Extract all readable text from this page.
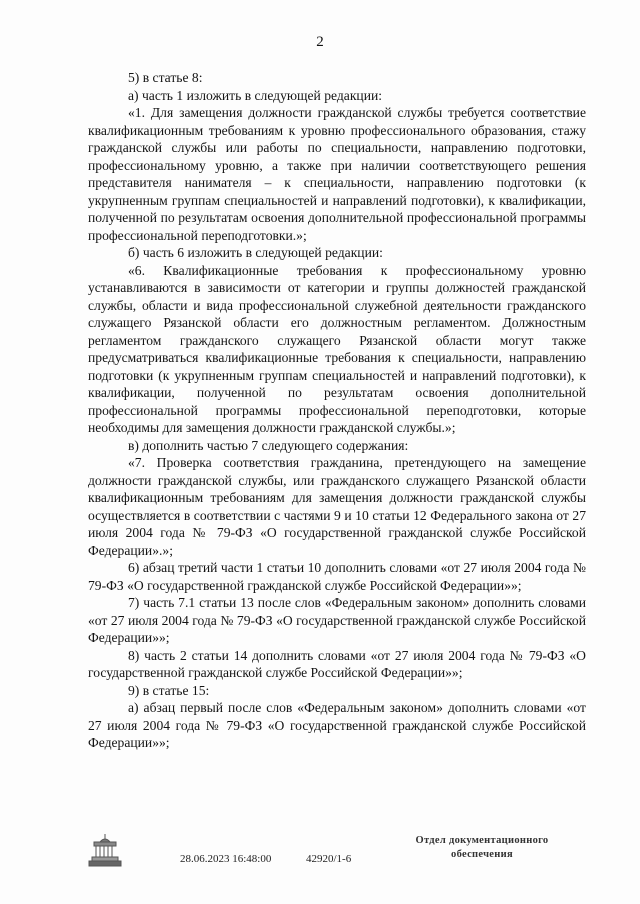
2

5) в статье 8:

а) часть 1 изложить в следующей редакции:

«1. Для замещения должности гражданской службы требуется соответствие квалификационным требованиям к уровню профессионального образования, стажу гражданской службы или работы по специальности, направлению подготовки, профессиональному уровню, а также при наличии соответствующего решения представителя нанимателя – к специальности, направлению подготовки (к укрупненным группам специальностей и направлений подготовки), к квалификации, полученной по результатам освоения дополнительной профессиональной программы профессиональной переподготовки.»;

б) часть 6 изложить в следующей редакции:

«6. Квалификационные требования к профессиональному уровню устанавливаются в зависимости от категории и группы должностей гражданской службы, области и вида профессиональной служебной деятельности гражданского служащего Рязанской области его должностным регламентом. Должностным регламентом гражданского служащего Рязанской области могут также предусматриваться квалификационные требования к специальности, направлению подготовки (к укрупненным группам специальностей и направлений подготовки), к квалификации, полученной по результатам освоения дополнительной профессиональной программы профессиональной переподготовки, которые необходимы для замещения должности гражданской службы.»;

в) дополнить частью 7 следующего содержания:

«7. Проверка соответствия гражданина, претендующего на замещение должности гражданской службы, или гражданского служащего Рязанской области квалификационным требованиям для замещения должности гражданской службы осуществляется в соответствии с частями 9 и 10 статьи 12 Федерального закона от 27 июля 2004 года № 79-ФЗ «О государственной гражданской службе Российской Федерации».»;

6) абзац третий части 1 статьи 10 дополнить словами «от 27 июля 2004 года № 79-ФЗ «О государственной гражданской службе Российской Федерации»»;

7) часть 7.1 статьи 13 после слов «Федеральным законом» дополнить словами «от 27 июля 2004 года № 79-ФЗ «О государственной гражданской службе Российской Федерации»»;

8) часть 2 статьи 14 дополнить словами «от 27 июля 2004 года № 79-ФЗ «О государственной гражданской службе Российской Федерации»»;

9) в статье 15:

а) абзац первый после слов «Федеральным законом» дополнить словами «от 27 июля 2004 года № 79-ФЗ «О государственной гражданской службе Российской Федерации»»;

28.06.2023 16:48:00	42920/1-6
Отдел документационного
обеспечения
